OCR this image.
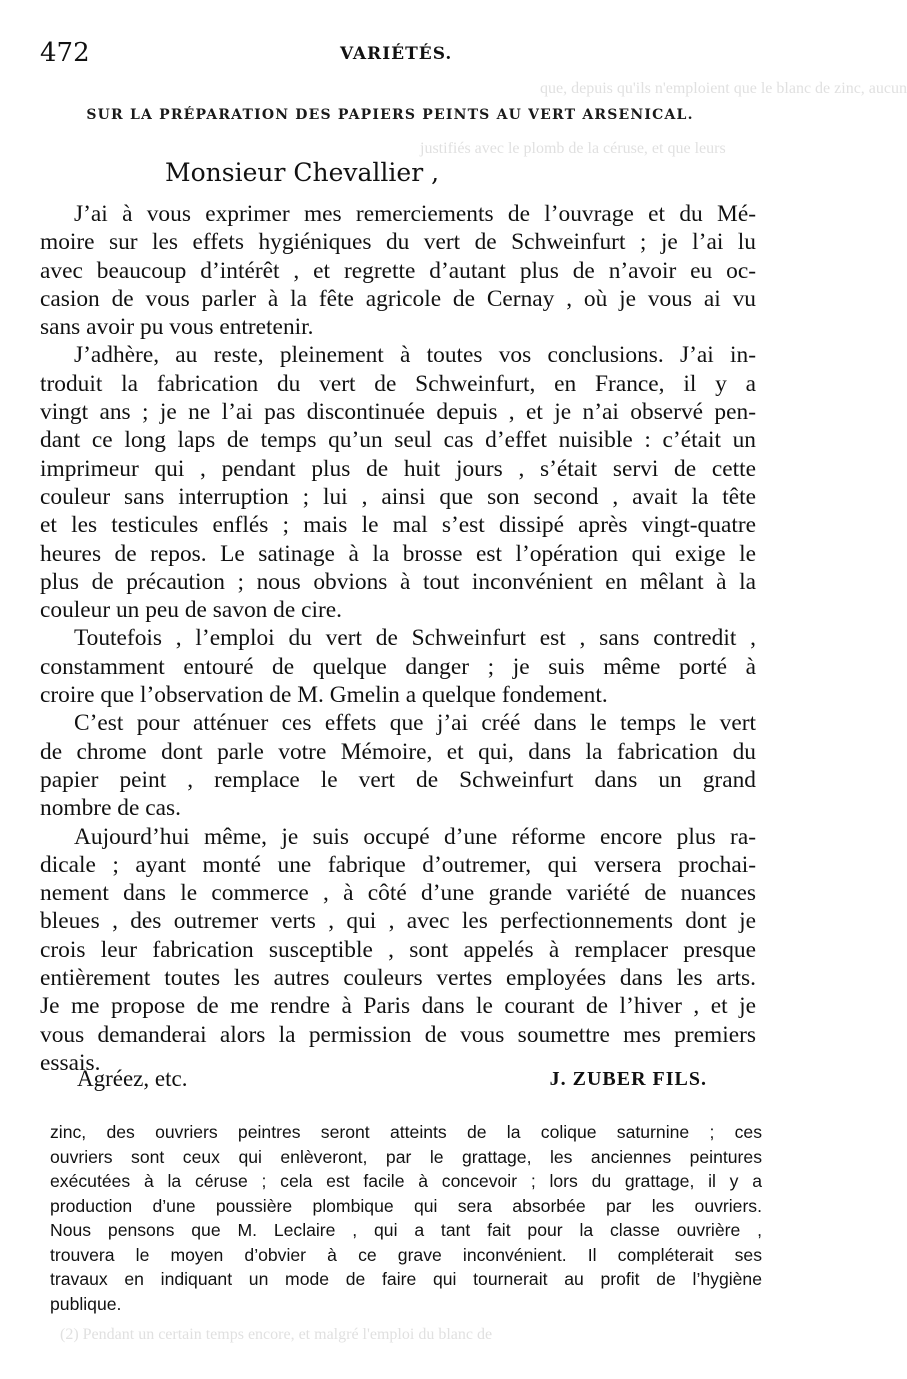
que, depuis qu'ils n'emploient que le blanc de zinc, aucun
justifiés avec le plomb de la céruse, et que leurs
(2) Pendant un certain temps encore, et malgré l'emploi du blanc de
472	VARIÉTÉS.
SUR LA PRÉPARATION DES PAPIERS PEINTS AU VERT ARSENICAL.
Monsieur Chevallier ,
J’ai à vous exprimer mes remerciements de l’ouvrage et du Mé-
moire sur les effets hygiéniques du vert de Schweinfurt ; je l’ai lu
avec beaucoup d’intérêt , et regrette d’autant plus de n’avoir eu oc-
casion de vous parler à la fête agricole de Cernay , où je vous ai vu
sans avoir pu vous entretenir.
J’adhère, au reste, pleinement à toutes vos conclusions. J’ai in-
troduit la fabrication du vert de Schweinfurt, en France, il y a
vingt ans ; je ne l’ai pas discontinuée depuis , et je n’ai observé pen-
dant ce long laps de temps qu’un seul cas d’effet nuisible : c’était un
imprimeur qui , pendant plus de huit jours , s’était servi de cette
couleur sans interruption ; lui , ainsi que son second , avait la tête
et les testicules enflés ; mais le mal s’est dissipé après vingt-quatre
heures de repos. Le satinage à la brosse est l’opération qui exige le
plus de précaution ; nous obvions à tout inconvénient en mêlant à la
couleur un peu de savon de cire.
Toutefois , l’emploi du vert de Schweinfurt est , sans contredit ,
constamment entouré de quelque danger ; je suis même porté à
croire que l’observation de M. Gmelin a quelque fondement.
C’est pour atténuer ces effets que j’ai créé dans le temps le vert
de chrome dont parle votre Mémoire, et qui, dans la fabrication du
papier peint , remplace le vert de Schweinfurt dans un grand
nombre de cas.
Aujourd’hui même, je suis occupé d’une réforme encore plus ra-
dicale ; ayant monté une fabrique d’outremer, qui versera prochai-
nement dans le commerce , à côté d’une grande variété de nuances
bleues , des outremer verts , qui , avec les perfectionnements dont je
crois leur fabrication susceptible , sont appelés à remplacer presque
entièrement toutes les autres couleurs vertes employées dans les arts.
Je me propose de me rendre à Paris dans le courant de l’hiver , et je
vous demanderai alors la permission de vous soumettre mes premiers
essais.
Agréez, etc.	J. ZUBER FILS.
zinc, des ouvriers peintres seront atteints de la colique saturnine ; ces
ouvriers sont ceux qui enlèveront, par le grattage, les anciennes peintures
exécutées à la céruse ; cela est facile à concevoir ; lors du grattage, il y a
production d’une poussière plombique qui sera absorbée par les ouvriers.
Nous pensons que M. Leclaire , qui a tant fait pour la classe ouvrière ,
trouvera le moyen d’obvier à ce grave inconvénient. Il compléterait ses
travaux en indiquant un mode de faire qui tournerait au profit de l’hygiène
publique.
